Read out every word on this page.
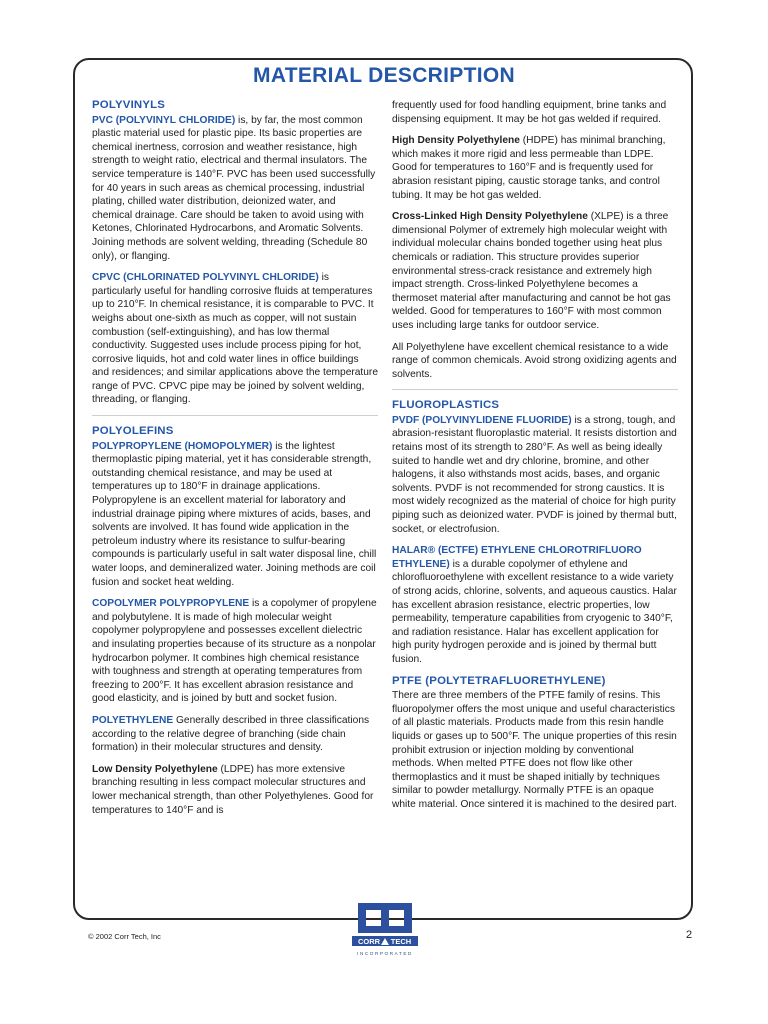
MATERIAL DESCRIPTION
POLYVINYLS

PVC (POLYVINYL CHLORIDE) is, by far, the most common plastic material used for plastic pipe. Its basic properties are chemical inertness, corrosion and weather resistance, high strength to weight ratio, electrical and thermal insulators. The service temperature is 140°F. PVC has been used successfully for 40 years in such areas as chemical processing, industrial plating, chilled water distribution, deionized water, and chemical drainage. Care should be taken to avoid using with Ketones, Chlorinated Hydrocarbons, and Aromatic Solvents. Joining methods are solvent welding, threading (Schedule 80 only), or flanging.

CPVC (CHLORINATED POLYVINYL CHLORIDE) is particularly useful for handling corrosive fluids at temperatures up to 210°F. In chemical resistance, it is comparable to PVC. It weighs about one-sixth as much as copper, will not sustain combustion (self-extinguishing), and has low thermal conductivity. Suggested uses include process piping for hot, corrosive liquids, hot and cold water lines in office buildings and residences; and similar applications above the temperature range of PVC. CPVC pipe may be joined by solvent welding, threading, or flanging.

POLYOLEFINS

POLYPROPYLENE (HOMOPOLYMER) is the lightest thermoplastic piping material, yet it has considerable strength, outstanding chemical resistance, and may be used at temperatures up to 180°F in drainage applications. Polypropylene is an excellent material for laboratory and industrial drainage piping where mixtures of acids, bases, and solvents are involved. It has found wide application in the petroleum industry where its resistance to sulfur-bearing compounds is particularly useful in salt water disposal line, chill water loops, and demineralized water. Joining methods are coil fusion and socket heat welding.

COPOLYMER POLYPROPYLENE is a copolymer of propylene and polybutylene. It is made of high molecular weight copolymer polypropylene and possesses excellent dielectric and insulating properties because of its structure as a nonpolar hydrocarbon polymer. It combines high chemical resistance with toughness and strength at operating temperatures from freezing to 200°F. It has excellent abrasion resistance and good elasticity, and is joined by butt and socket fusion.

POLYETHYLENE Generally described in three classifications according to the relative degree of branching (side chain formation) in their molecular structures and density.

Low Density Polyethylene (LDPE) has more extensive branching resulting in less compact molecular structures and lower mechanical strength, than other Polyethylenes. Good for temperatures to 140°F and is

frequently used for food handling equipment, brine tanks and dispensing equipment. It may be hot gas welded if required.

High Density Polyethylene (HDPE) has minimal branching, which makes it more rigid and less permeable than LDPE. Good for temperatures to 160°F and is frequently used for abrasion resistant piping, caustic storage tanks, and control tubing. It may be hot gas welded.

Cross-Linked High Density Polyethylene (XLPE) is a three dimensional Polymer of extremely high molecular weight with individual molecular chains bonded together using heat plus chemicals or radiation. This structure provides superior environmental stress-crack resistance and extremely high impact strength. Cross-linked Polyethylene becomes a thermoset material after manufacturing and cannot be hot gas welded. Good for temperatures to 160°F with most common uses including large tanks for outdoor service.

All Polyethylene have excellent chemical resistance to a wide range of common chemicals. Avoid strong oxidizing agents and solvents.

FLUOROPLASTICS

PVDF (POLYVINYLIDENE FLUORIDE) is a strong, tough, and abrasion-resistant fluoroplastic material. It resists distortion and retains most of its strength to 280°F. As well as being ideally suited to handle wet and dry chlorine, bromine, and other halogens, it also withstands most acids, bases, and organic solvents. PVDF is not recommended for strong caustics. It is most widely recognized as the material of choice for high purity piping such as deionized water. PVDF is joined by thermal butt, socket, or electrofusion.

HALAR® (ECTFE) ETHYLENE CHLOROTRIFLUORO ETHYLENE) is a durable copolymer of ethylene and chlorofluoroethylene with excellent resistance to a wide variety of strong acids, chlorine, solvents, and aqueous caustics. Halar has excellent abrasion resistance, electric properties, low permeability, temperature capabilities from cryogenic to 340°F, and radiation resistance. Halar has excellent application for high purity hydrogen peroxide and is joined by thermal butt fusion.

PTFE (POLYTETRAFLUORETHYLENE)

There are three members of the PTFE family of resins. This fluoropolymer offers the most unique and useful characteristics of all plastic materials. Products made from this resin handle liquids or gases up to 500°F. The unique properties of this resin prohibit extrusion or injection molding by conventional methods. When melted PTFE does not flow like other thermoplastics and it must be shaped initially by techniques similar to powder metallurgy. Normally PTFE is an opaque white material. Once sintered it is machined to the desired part.

© 2002 Corr Tech, Inc	2
CORR TECH
INCORPORATED
